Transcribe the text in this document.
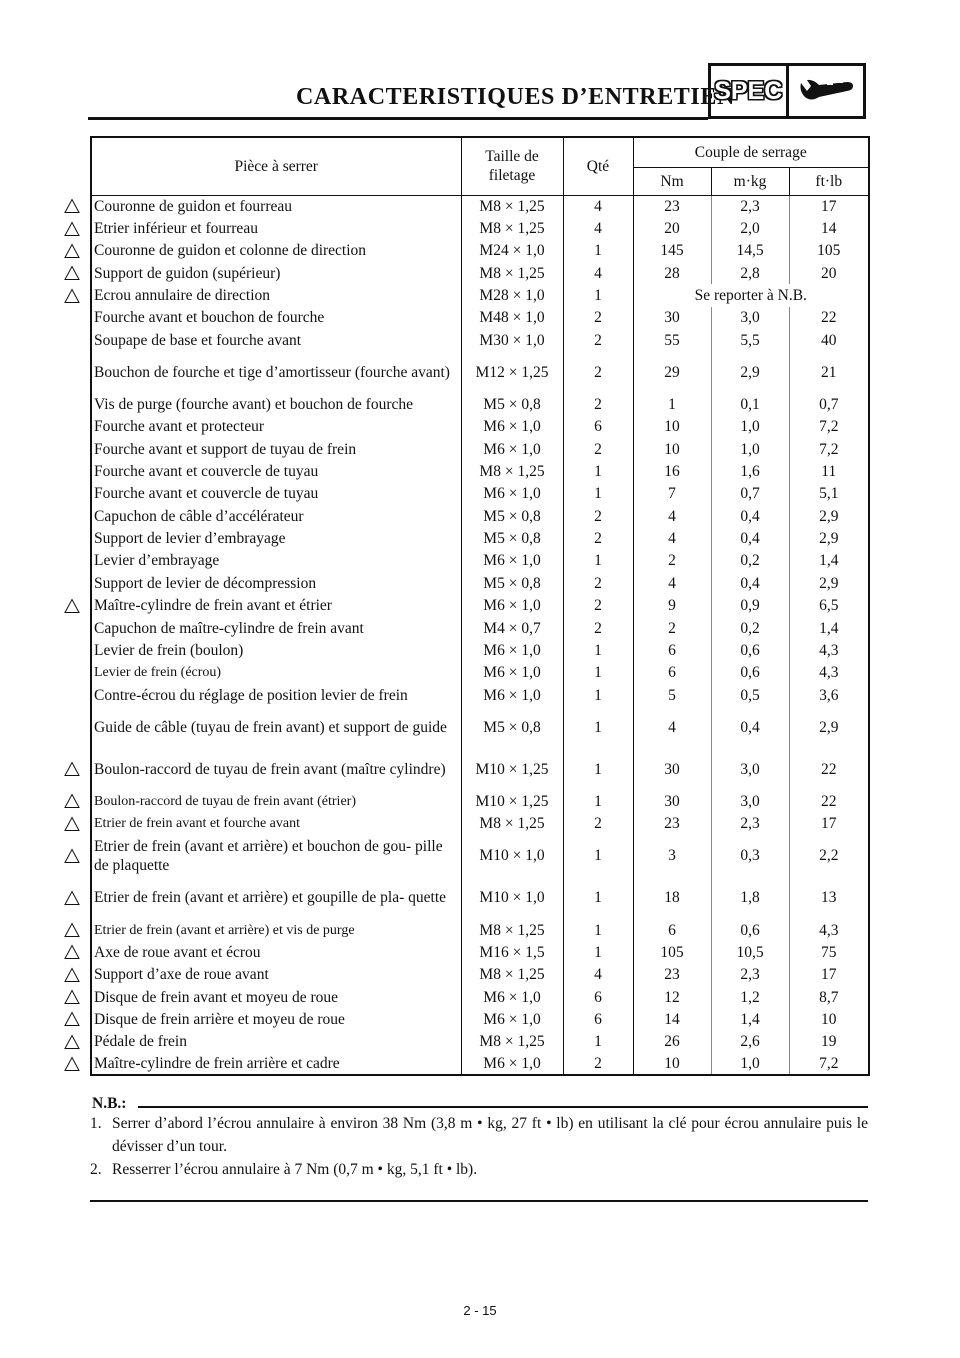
CARACTERISTIQUES D’ENTRETIEN
SPEC
Pièce à serrer	Taille de filetage	Qté	Couple de serrage		
			Nm	m·kg	ft·lb
Couronne de guidon et fourreau	M8 × 1,25	4	23	2,3	17
Etrier inférieur et fourreau	M8 × 1,25	4	20	2,0	14
Couronne de guidon et colonne de direction	M24 × 1,0	1	145	14,5	105
Support de guidon (supérieur)	M8 × 1,25	4	28	2,8	20
Ecrou annulaire de direction	M28 × 1,0	1	Se reporter à N.B.		
Fourche avant et bouchon de fourche	M48 × 1,0	2	30	3,0	22
Soupape de base et fourche avant	M30 × 1,0	2	55	5,5	40
Bouchon de fourche et tige d’amortisseur (fourche avant)	M12 × 1,25	2	29	2,9	21
Vis de purge (fourche avant) et bouchon de fourche	M5 × 0,8	2	1	0,1	0,7
Fourche avant et protecteur	M6 × 1,0	6	10	1,0	7,2
Fourche avant et support de tuyau de frein	M6 × 1,0	2	10	1,0	7,2
Fourche avant et couvercle de tuyau	M8 × 1,25	1	16	1,6	11
Fourche avant et couvercle de tuyau	M6 × 1,0	1	7	0,7	5,1
Capuchon de câble d’accélérateur	M5 × 0,8	2	4	0,4	2,9
Support de levier d’embrayage	M5 × 0,8	2	4	0,4	2,9
Levier d’embrayage	M6 × 1,0	1	2	0,2	1,4
Support de levier de décompression	M5 × 0,8	2	4	0,4	2,9
Maître-cylindre de frein avant et étrier	M6 × 1,0	2	9	0,9	6,5
Capuchon de maître-cylindre de frein avant	M4 × 0,7	2	2	0,2	1,4
Levier de frein (boulon)	M6 × 1,0	1	6	0,6	4,3
Levier de frein (écrou)	M6 × 1,0	1	6	0,6	4,3
Contre-écrou du réglage de position levier de frein	M6 × 1,0	1	5	0,5	3,6
Guide de câble (tuyau de frein avant) et support de guide	M5 × 0,8	1	4	0,4	2,9
Boulon-raccord de tuyau de frein avant (maître cylindre)	M10 × 1,25	1	30	3,0	22
Boulon-raccord de tuyau de frein avant (étrier)	M10 × 1,25	1	30	3,0	22
Etrier de frein avant et fourche avant	M8 × 1,25	2	23	2,3	17
Etrier de frein (avant et arrière) et bouchon de gou- pille de plaquette	M10 × 1,0	1	3	0,3	2,2
Etrier de frein (avant et arrière) et goupille de pla- quette	M10 × 1,0	1	18	1,8	13
Etrier de frein (avant et arrière) et vis de purge	M8 × 1,25	1	6	0,6	4,3
Axe de roue avant et écrou	M16 × 1,5	1	105	10,5	75
Support d’axe de roue avant	M8 × 1,25	4	23	2,3	17
Disque de frein avant et moyeu de roue	M6 × 1,0	6	12	1,2	8,7
Disque de frein arrière et moyeu de roue	M6 × 1,0	6	14	1,4	10
Pédale de frein	M8 × 1,25	1	26	2,6	19
Maître-cylindre de frein arrière et cadre	M6 × 1,0	2	10	1,0	7,2
N.B.:
1. Serrer d’abord l’écrou annulaire à environ 38 Nm (3,8 m • kg, 27 ft • lb) en utilisant la clé pour écrou annulaire puis le dévisser d’un tour.
2. Resserrer l’écrou annulaire à 7 Nm (0,7 m • kg, 5,1 ft • lb).
2 - 15
